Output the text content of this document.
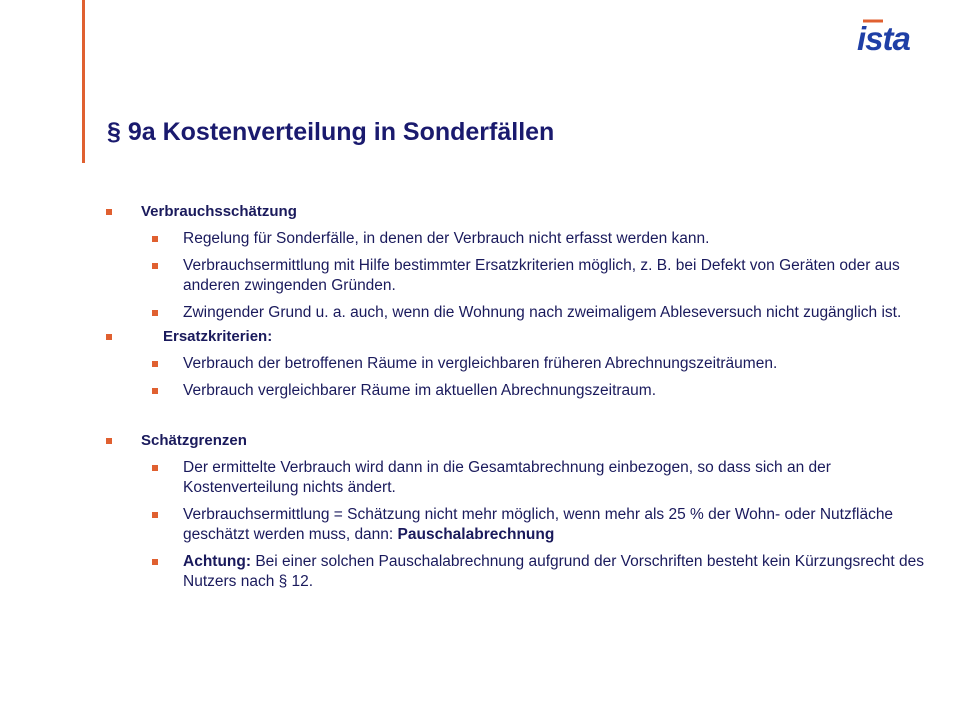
ista
§ 9a Kostenverteilung in Sonderfällen
Verbrauchsschätzung
Regelung für Sonderfälle, in denen der Verbrauch nicht erfasst werden kann.
Verbrauchsermittlung mit Hilfe bestimmter Ersatzkriterien möglich, z. B. bei Defekt von Geräten oder aus anderen zwingenden Gründen.
Zwingender Grund u. a. auch, wenn die Wohnung nach zweimaligem Ableseversuch nicht zugänglich ist.
Ersatzkriterien:
Verbrauch der betroffenen Räume in vergleichbaren früheren Abrechnungszeiträumen.
Verbrauch vergleichbarer Räume im aktuellen Abrechnungszeitraum.
Schätzgrenzen
Der ermittelte Verbrauch wird dann in die Gesamtabrechnung einbezogen, so dass sich an der Kostenverteilung nichts ändert.
Verbrauchsermittlung = Schätzung nicht mehr möglich, wenn mehr als 25 % der Wohn- oder Nutzfläche geschätzt werden muss, dann: Pauschalabrechnung
Achtung: Bei einer solchen Pauschalabrechnung aufgrund der Vorschriften besteht kein Kürzungsrecht des Nutzers nach § 12.
